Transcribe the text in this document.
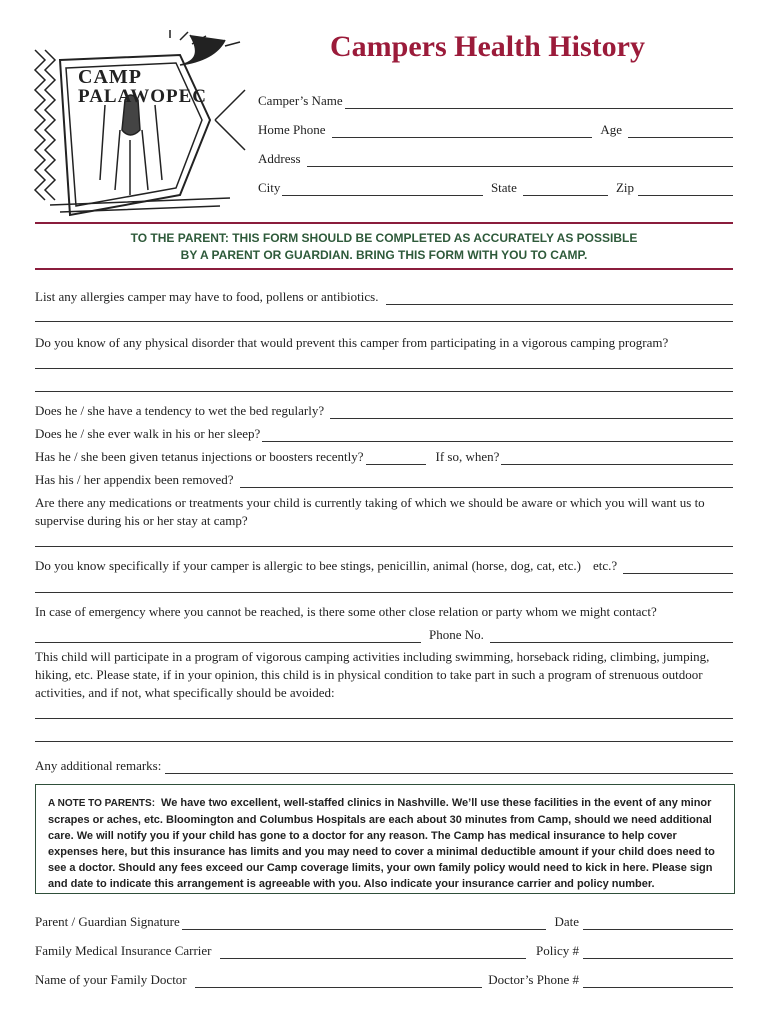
CAMP
PALAWOPEC
Campers Health History
Camper’s Name
Home Phone	Age
Address
City	State	Zip
TO THE PARENT: THIS FORM SHOULD BE COMPLETED AS ACCURATELY AS POSSIBLE
BY A PARENT OR GUARDIAN. BRING THIS FORM WITH YOU TO CAMP.
List any allergies camper may have to food, pollens or antibiotics.
Do you know of any physical disorder that would prevent this camper from participating in a vigorous camping program?
Does he / she have a tendency to wet the bed regularly?
Does he / she ever walk in his or her sleep?
Has he / she been given tetanus injections or boosters recently?	If so, when?
Has his / her appendix been removed?
Are there any medications or treatments your child is currently taking of which we should be aware or which you will want us to supervise during his or her stay at camp?
Do you know specifically if your camper is allergic to bee stings, penicillin, animal (horse, dog, cat, etc.) etc.?
In case of emergency where you cannot be reached, is there some other close relation or party whom we might contact?
Phone No.
This child will participate in a program of vigorous camping activities including swimming, horseback riding, climbing, jumping, hiking, etc. Please state, if in your opinion, this child is in physical condition to take part in such a program of strenuous outdoor activities, and if not, what specifically should be avoided:
Any additional remarks:
A NOTE TO PARENTS: We have two excellent, well-staffed clinics in Nashville. We’ll use these facilities in the event of any minor scrapes or aches, etc. Bloomington and Columbus Hospitals are each about 30 minutes from Camp, should we need additional care. We will notify you if your child has gone to a doctor for any reason. The Camp has medical insurance to help cover expenses here, but this insurance has limits and you may need to cover a minimal deductible amount if your child does need to see a doctor. Should any fees exceed our Camp coverage limits, your own family policy would need to kick in here. Please sign and date to indicate this arrangement is agreeable with you. Also indicate your insurance carrier and policy number.
Parent / Guardian Signature	Date
Family Medical Insurance Carrier	Policy #
Name of your Family Doctor	Doctor’s Phone #
